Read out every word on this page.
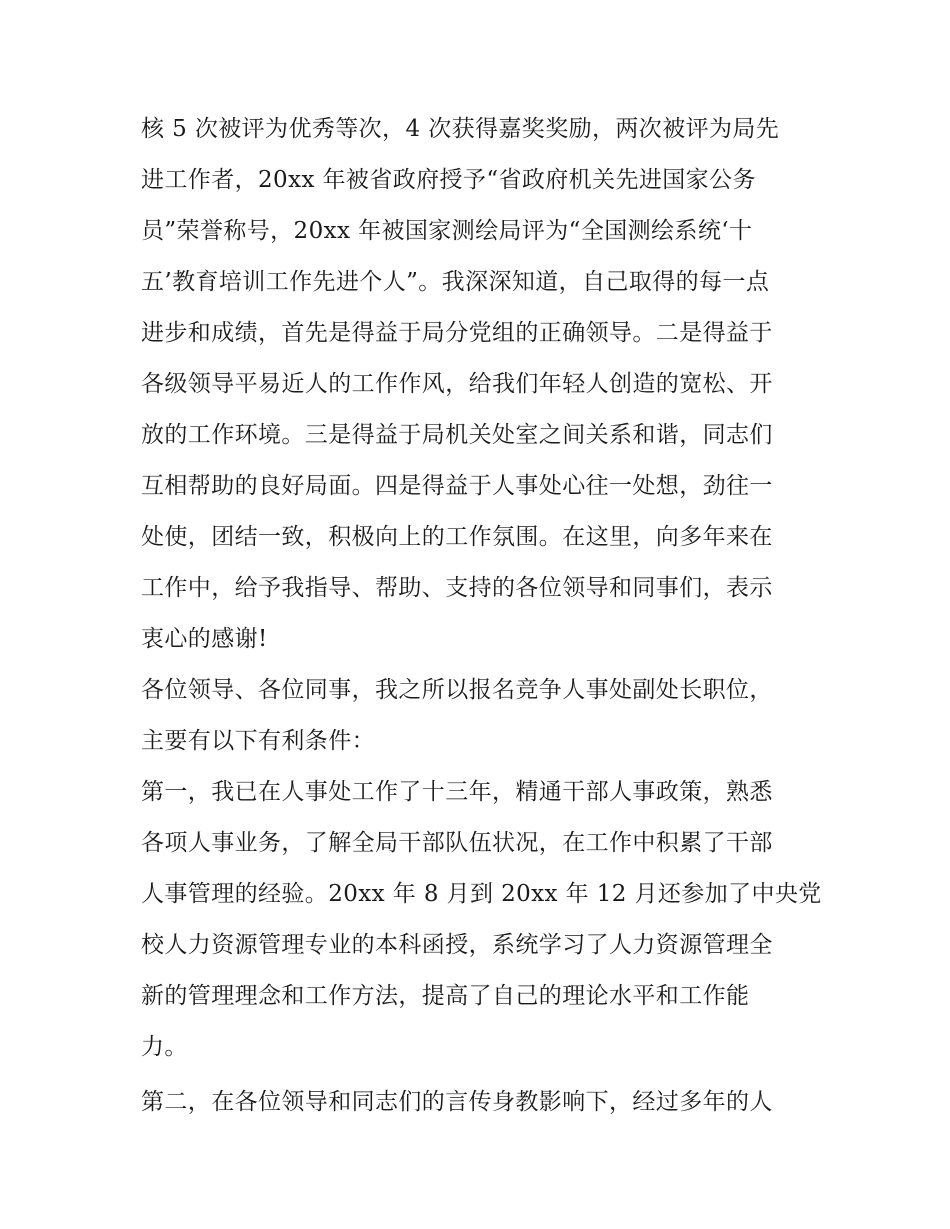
核 5 次被评为优秀等次，4 次获得嘉奖奖励，两次被评为局先
进工作者，20xx 年被省政府授予“省政府机关先进国家公务
员”荣誉称号，20xx 年被国家测绘局评为“全国测绘系统‘十
五’教育培训工作先进个人”。我深深知道，自己取得的每一点
进步和成绩，首先是得益于局分党组的正确领导。二是得益于
各级领导平易近人的工作作风，给我们年轻人创造的宽松、开
放的工作环境。三是得益于局机关处室之间关系和谐，同志们
互相帮助的良好局面。四是得益于人事处心往一处想，劲往一
处使，团结一致，积极向上的工作氛围。在这里，向多年来在
工作中，给予我指导、帮助、支持的各位领导和同事们，表示
衷心的感谢!
各位领导、各位同事，我之所以报名竞争人事处副处长职位，
主要有以下有利条件：
第一，我已在人事处工作了十三年，精通干部人事政策，熟悉
各项人事业务，了解全局干部队伍状况，在工作中积累了干部
人事管理的经验。20xx 年 8 月到 20xx 年 12 月还参加了中央党
校人力资源管理专业的本科函授，系统学习了人力资源管理全
新的管理理念和工作方法，提高了自己的理论水平和工作能
力。
第二，在各位领导和同志们的言传身教影响下，经过多年的人
